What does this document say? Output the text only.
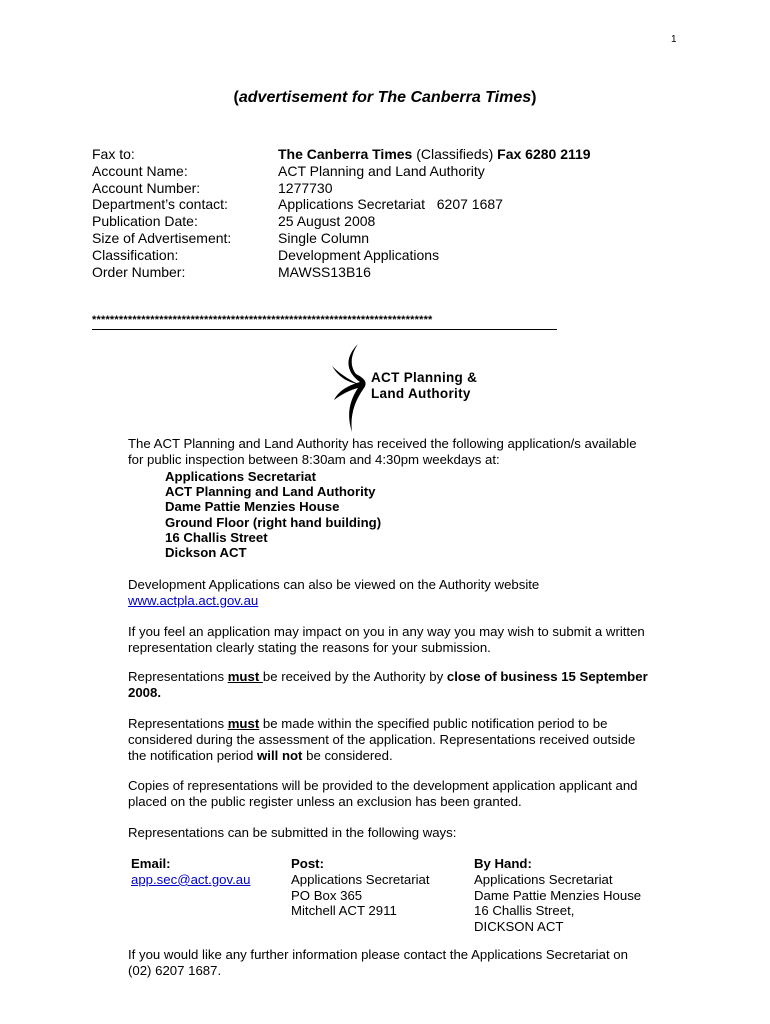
1
(advertisement for The Canberra Times)
Fax to:	The Canberra Times (Classifieds) Fax 6280 2119
Account Name:	ACT Planning and Land Authority
Account Number:	1277730
Department’s contact:	Applications Secretariat   6207 1687
Publication Date:	25 August 2008
Size of Advertisement:	Single Column
Classification:	Development Applications
Order Number:	MAWSS13B16
****************************************************************************
ACT Planning &
Land Authority
The ACT Planning and Land Authority has received the following application/s available
for public inspection between 8:30am and 4:30pm weekdays at:
Applications Secretariat
ACT Planning and Land Authority
Dame Pattie Menzies House
Ground Floor (right hand building)
16 Challis Street
Dickson ACT
Development Applications can also be viewed on the Authority website
www.actpla.act.gov.au
If you feel an application may impact on you in any way you may wish to submit a written
representation clearly stating the reasons for your submission.
Representations must be received by the Authority by close of business 15 September
2008.
Representations must be made within the specified public notification period to be
considered during the assessment of the application. Representations received outside
the notification period will not be considered.
Copies of representations will be provided to the development application applicant and
placed on the public register unless an exclusion has been granted.
Representations can be submitted in the following ways:
Email:
app.sec@act.gov.au
Post:
Applications Secretariat
PO Box 365
Mitchell ACT 2911
By Hand:
Applications Secretariat
Dame Pattie Menzies House
16 Challis Street,
DICKSON ACT
If you would like any further information please contact the Applications Secretariat on
(02) 6207 1687.
